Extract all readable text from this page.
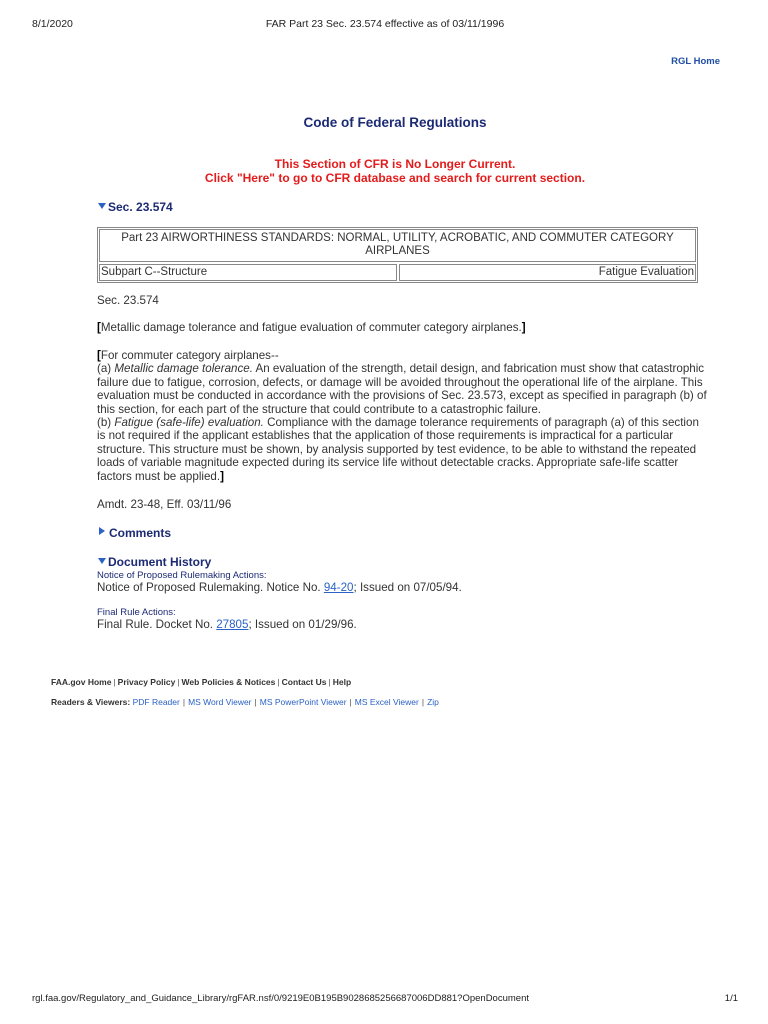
8/1/2020	FAR Part 23 Sec. 23.574 effective as of 03/11/1996
RGL Home
Code of Federal Regulations
This Section of CFR is No Longer Current.
Click "Here" to go to CFR database and search for current section.
Sec. 23.574
Part 23 AIRWORTHINESS STANDARDS: NORMAL, UTILITY, ACROBATIC, AND COMMUTER CATEGORY AIRPLANES
Subpart C--Structure	Fatigue Evaluation
Sec. 23.574
[Metallic damage tolerance and fatigue evaluation of commuter category airplanes.]
[For commuter category airplanes--
(a) Metallic damage tolerance. An evaluation of the strength, detail design, and fabrication must show that catastrophic failure due to fatigue, corrosion, defects, or damage will be avoided throughout the operational life of the airplane. This evaluation must be conducted in accordance with the provisions of Sec. 23.573, except as specified in paragraph (b) of this section, for each part of the structure that could contribute to a catastrophic failure.
(b) Fatigue (safe-life) evaluation. Compliance with the damage tolerance requirements of paragraph (a) of this section is not required if the applicant establishes that the application of those requirements is impractical for a particular structure. This structure must be shown, by analysis supported by test evidence, to be able to withstand the repeated loads of variable magnitude expected during its service life without detectable cracks. Appropriate safe-life scatter factors must be applied.]
Amdt. 23-48, Eff. 03/11/96
Comments
Document History
Notice of Proposed Rulemaking Actions:
Notice of Proposed Rulemaking. Notice No. 94-20; Issued on 07/05/94.
Final Rule Actions:
Final Rule. Docket No. 27805; Issued on 01/29/96.
FAA.gov Home | Privacy Policy | Web Policies & Notices | Contact Us | Help
Readers & Viewers: PDF Reader | MS Word Viewer | MS PowerPoint Viewer | MS Excel Viewer | Zip
rgl.faa.gov/Regulatory_and_Guidance_Library/rgFAR.nsf/0/9219E0B195B9028685256687006DD881?OpenDocument	1/1
